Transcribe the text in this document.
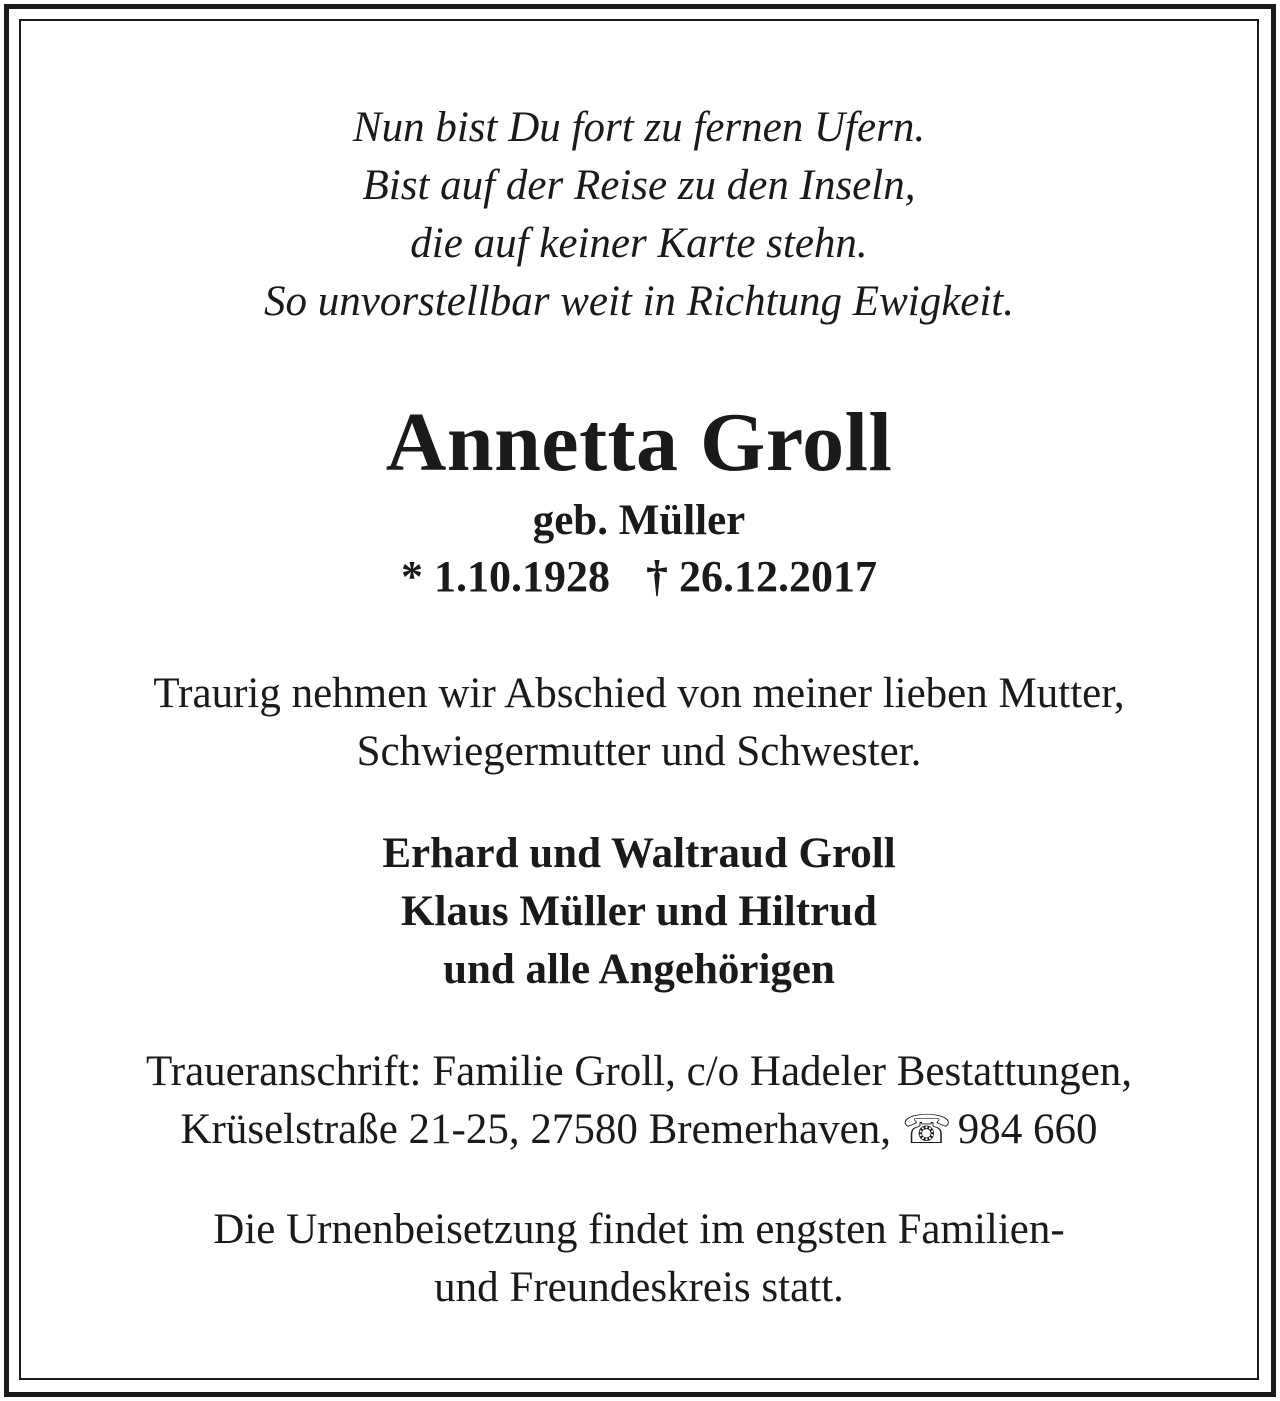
Nun bist Du fort zu fernen Ufern.
Bist auf der Reise zu den Inseln,
die auf keiner Karte stehn.
So unvorstellbar weit in Richtung Ewigkeit.
Annetta Groll
geb. Müller
* 1.10.1928 † 26.12.2017
Traurig nehmen wir Abschied von meiner lieben Mutter,
Schwiegermutter und Schwester.
Erhard und Waltraud Groll
Klaus Müller und Hiltrud
und alle Angehörigen
Traueranschrift: Familie Groll, c/o Hadeler Bestattungen,
Krüselstraße 21-25, 27580 Bremerhaven, ☏ 984 660
Die Urnenbeisetzung findet im engsten Familien-
und Freundeskreis statt.
